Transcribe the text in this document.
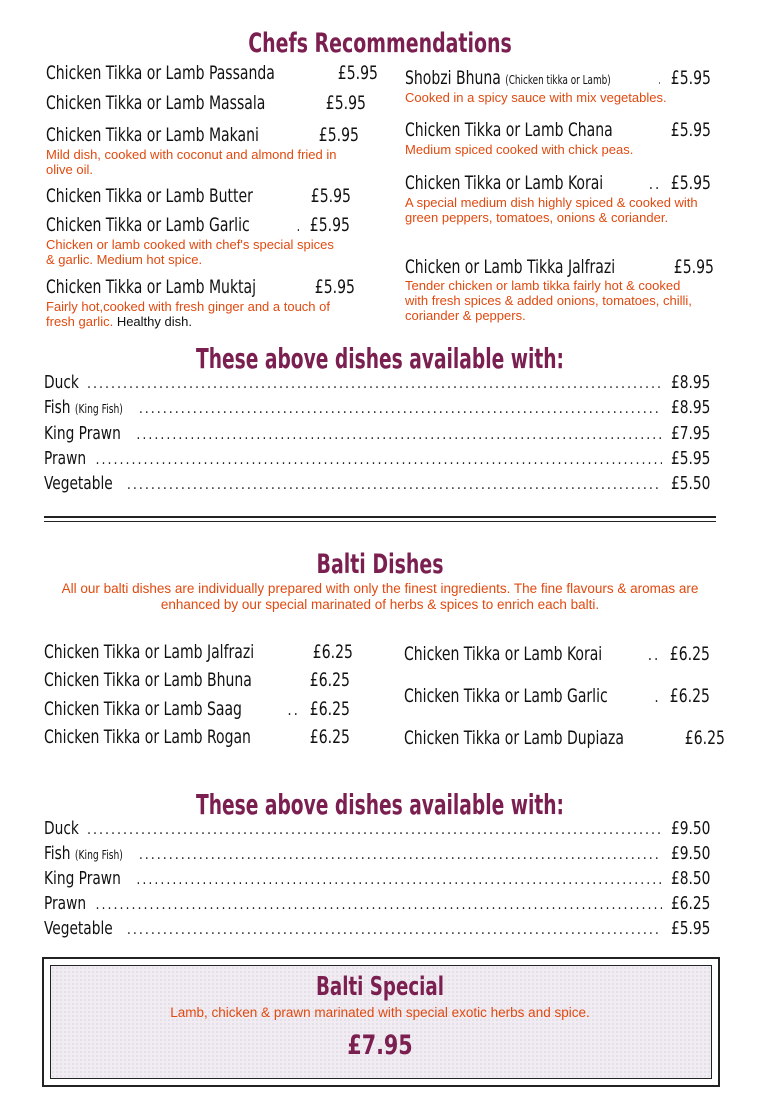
Chefs Recommendations
Chicken Tikka or Lamb Passanda	£5.95
Chicken Tikka or Lamb Massala	£5.95
Chicken Tikka or Lamb Makani	£5.95
Mild dish, cooked with coconut and almond fried in olive oil.
Chicken Tikka or Lamb Butter	£5.95
Chicken Tikka or Lamb Garlic .....	£5.95
Chicken or lamb cooked with chef's special spices & garlic. Medium hot spice.
Chicken Tikka or Lamb Muktaj	£5.95
Fairly hot,cooked with fresh ginger and a touch of fresh garlic. Healthy dish.
Shobzi Bhuna (Chicken tikka or Lamb) .....	£5.95
Cooked in a spicy sauce with mix vegetables.
Chicken Tikka or Lamb Chana	£5.95
Medium spiced cooked with chick peas.
Chicken Tikka or Lamb Korai .....	£5.95
A special medium dish highly spiced & cooked with green peppers, tomatoes, onions & coriander.
Chicken or Lamb Tikka Jalfrazi	£5.95
Tender chicken or lamb tikka fairly hot & cooked with fresh spices & added onions, tomatoes, chilli, coriander & peppers.
These above dishes available with:
Duck .....	£8.95
Fish (King Fish) .....	£8.95
King Prawn .....	£7.95
Prawn .....	£5.95
Vegetable .....	£5.50
Balti Dishes
All our balti dishes are individually prepared with only the finest ingredients. The fine flavours & aromas are enhanced by our special marinated of herbs & spices to enrich each balti.
Chicken Tikka or Lamb Jalfrazi	£6.25
Chicken Tikka or Lamb Bhuna	£6.25
Chicken Tikka or Lamb Saag .....	£6.25
Chicken Tikka or Lamb Rogan .....	£6.25
Chicken Tikka or Lamb Korai .....	£6.25
Chicken Tikka or Lamb Garlic .....	£6.25
Chicken Tikka or Lamb Dupiaza	£6.25
These above dishes available with:
Duck .....	£9.50
Fish (King Fish) .....	£9.50
King Prawn .....	£8.50
Prawn .....	£6.25
Vegetable .....	£5.95
Balti Special
Lamb, chicken & prawn marinated with special exotic herbs and spice.
£7.95
